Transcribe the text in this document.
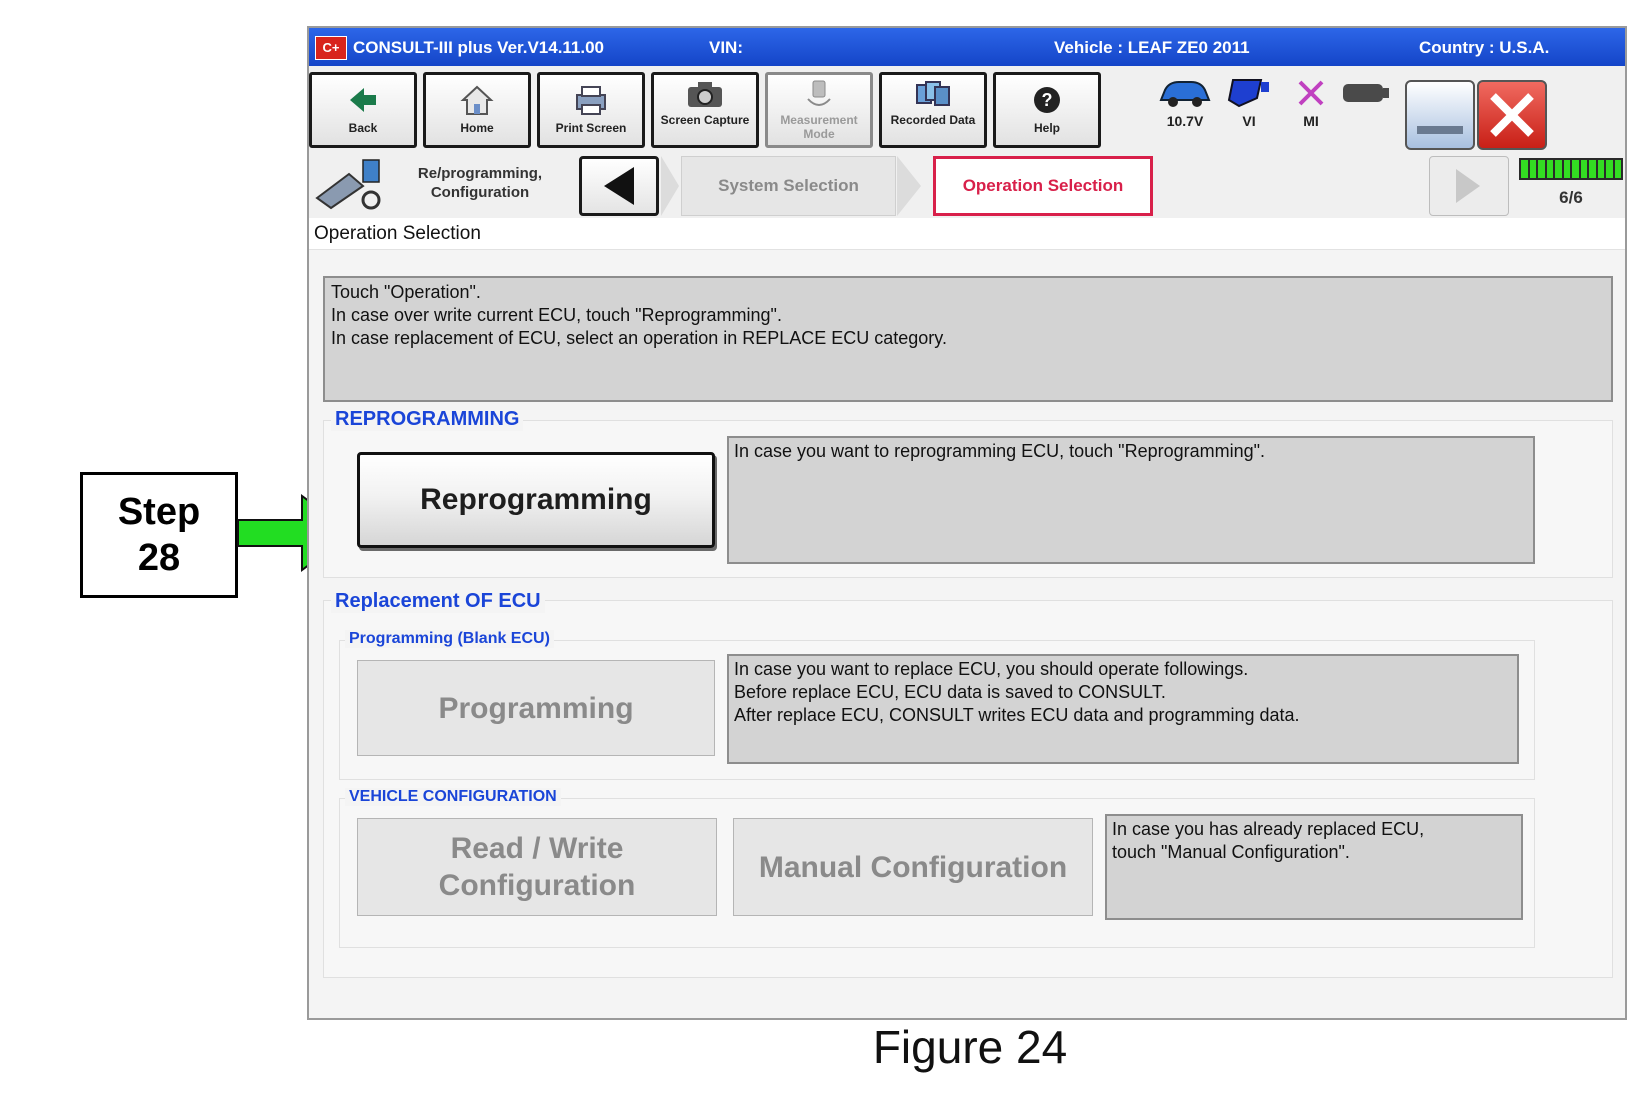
Step
28
C+ CONSULT-III plus Ver.V14.11.00	VIN:	Vehicle : LEAF ZE0 2011	Country : U.S.A.
Back	Home	Print Screen
Screen Capture	Measurement Mode
Recorded Data
?
Help	10.7V	VI	MI
Re/programming, Configuration	System Selection	Operation Selection
6/6
Operation Selection
Touch "Operation".
In case over write current ECU, touch "Reprogramming".
In case replacement of ECU, select an operation in REPLACE ECU category.
REPROGRAMMING
Reprogramming
In case you want to reprogramming ECU, touch "Reprogramming".
Replacement OF ECU
Programming (Blank ECU)
Programming
In case you want to replace ECU, you should operate followings.
Before replace ECU, ECU data is saved to CONSULT.
After replace ECU, CONSULT writes ECU data and programming data.
VEHICLE CONFIGURATION
Read / Write
Configuration
Manual Configuration
In case you has already replaced ECU,
touch "Manual Configuration".
Figure 24
